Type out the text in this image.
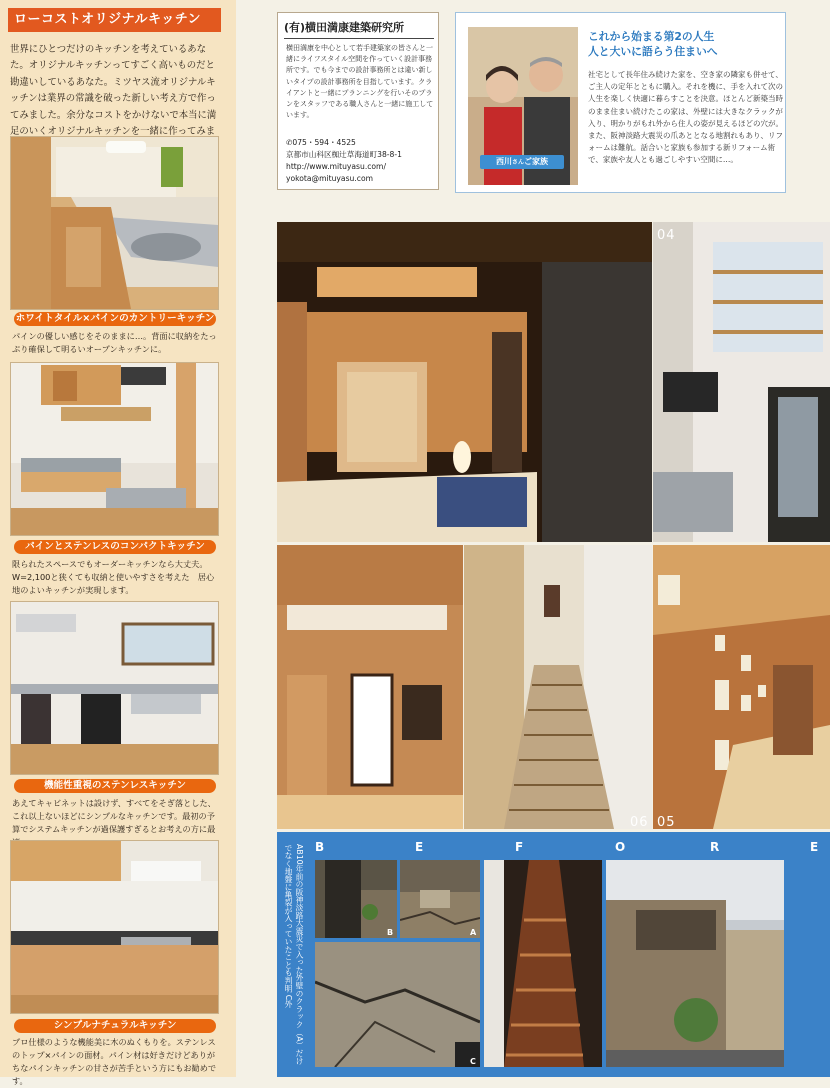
ローコストオリジナルキッチン
世界にひとつだけのキッチンを考えているあなた。オリジナルキッチンってすごく高いものだと勘違いしているあなた。ミツヤス流オリジナルキッチンは業界の常識を破った新しい考え方で作ってみました。余分なコストをかけないで本当に満足のいくオリジナルキッチンを一緒に作ってみま
ホワイトタイル×パインのカントリーキッチン
パインの優しい感じをそのままに…。背面に収納をたっぷり確保して明るいオープンキッチンに。
パインとステンレスのコンパクトキッチン
限られたスペースでもオーダーキッチンなら大丈夫。W=2,100と狭くても収納と使いやすさを考えた　居心地のよいキッチンが実現します。
機能性重視のステンレスキッチン
あえてキャビネットは設けず、すべてをそぎ落とした、これ以上ないほどにシンプルなキッチンです。最初の予算でシステムキッチンが過保護すぎるとお考えの方に最
シンプルナチュラルキッチン
プロ仕様のような機能美に木のぬくもりを。ステンレスのトップ×パインの面材。パイン材は好きだけどありがちなパインキッチンの甘さが苦手という方にもお勧めです。
(有)横田満康建築研究所
横田満康を中心として若手建築家の皆さんと一緒にライフスタイル空間を作っていく設計事務所です。でも今までの設計事務所とは違い新しいタイプの設計事務所を目指しています。クライアントと一緒にプランニングを行いそのプランをスタッフである職人さんと一緒に施工しています。
✆075・594・4525
京都市山科区椥辻草海道町38-8-1
http://www.mituyasu.com/
yokota@mituyasu.com
西川さんご家族
これから始まる第2の人生
人と大いに語らう住まいへ
社宅として長年住み続けた家を、空き家の隣家も併せて、ご主人の定年とともに購入。それを機に、手を入れて次の人生を楽しく快適に暮らすことを決意。ほとんど新築当時のまま住まい続けたこの家は、外壁には大きなクラックが入り、明かりがもれ外から住人の姿が見えるほどの穴が。また、阪神淡路大震災の爪あととなる地割れもあり、リフォームは難航。話合いと家族も参加する新リフォーム術で、家族や友人とも過ごしやすい空間に…。
04
06 05
B	E	F	O	R	E
AB10年前の阪神淡路大震災で入った外壁のクラック（A）だけでなく地盤に亀裂が入っていたことも判明 C外
B	A
C
